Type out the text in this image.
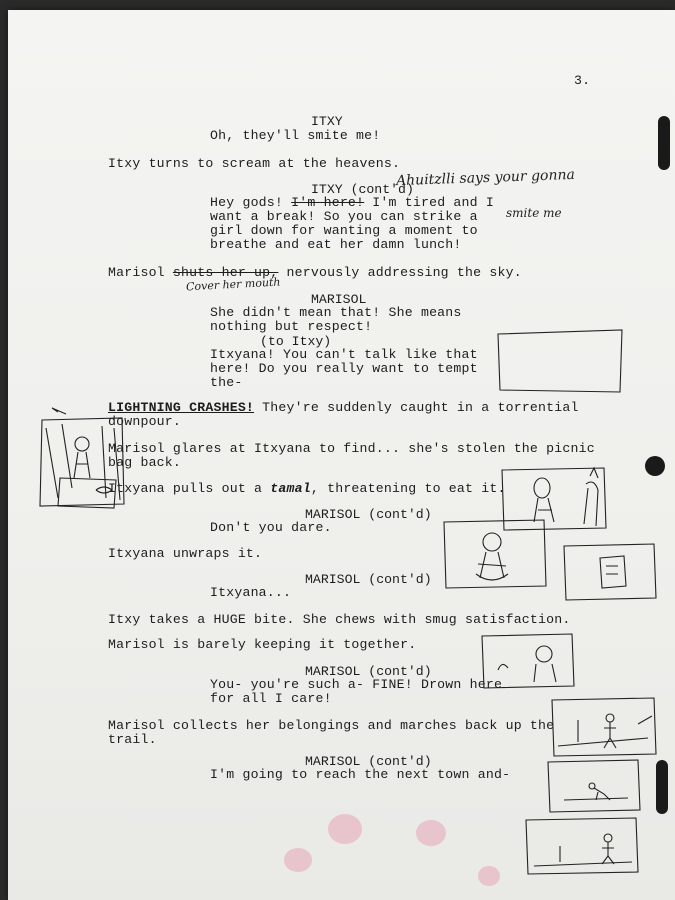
3.
ITXY
Oh, they'll smite me!
Itxy turns to scream at the heavens.
ITXY (cont'd)
Hey gods! I'm here! I'm tired and I
want a break! So you can strike a
girl down for wanting a moment to
breathe and eat her damn lunch!
Marisol shuts her up, nervously addressing the sky.
MARISOL
She didn't mean that! She means
nothing but respect!
(to Itxy)
Itxyana! You can't talk like that
here! Do you really want to tempt
the-
LIGHTNING CRASHES! They're suddenly caught in a torrential
downpour.
Marisol glares at Itxyana to find... she's stolen the picnic
bag back.
Itxyana pulls out a tamal, threatening to eat it.
MARISOL (cont'd)
Don't you dare.
Itxyana unwraps it.
MARISOL (cont'd)
Itxyana...
Itxy takes a HUGE bite. She chews with smug satisfaction.
Marisol is barely keeping it together.
MARISOL (cont'd)
You- you're such a- FINE! Drown here
for all I care!
Marisol collects her belongings and marches back up the
trail.
MARISOL (cont'd)
I'm going to reach the next town and-
Ahuitzlli says your gonna
smite me
Cover her mouth
